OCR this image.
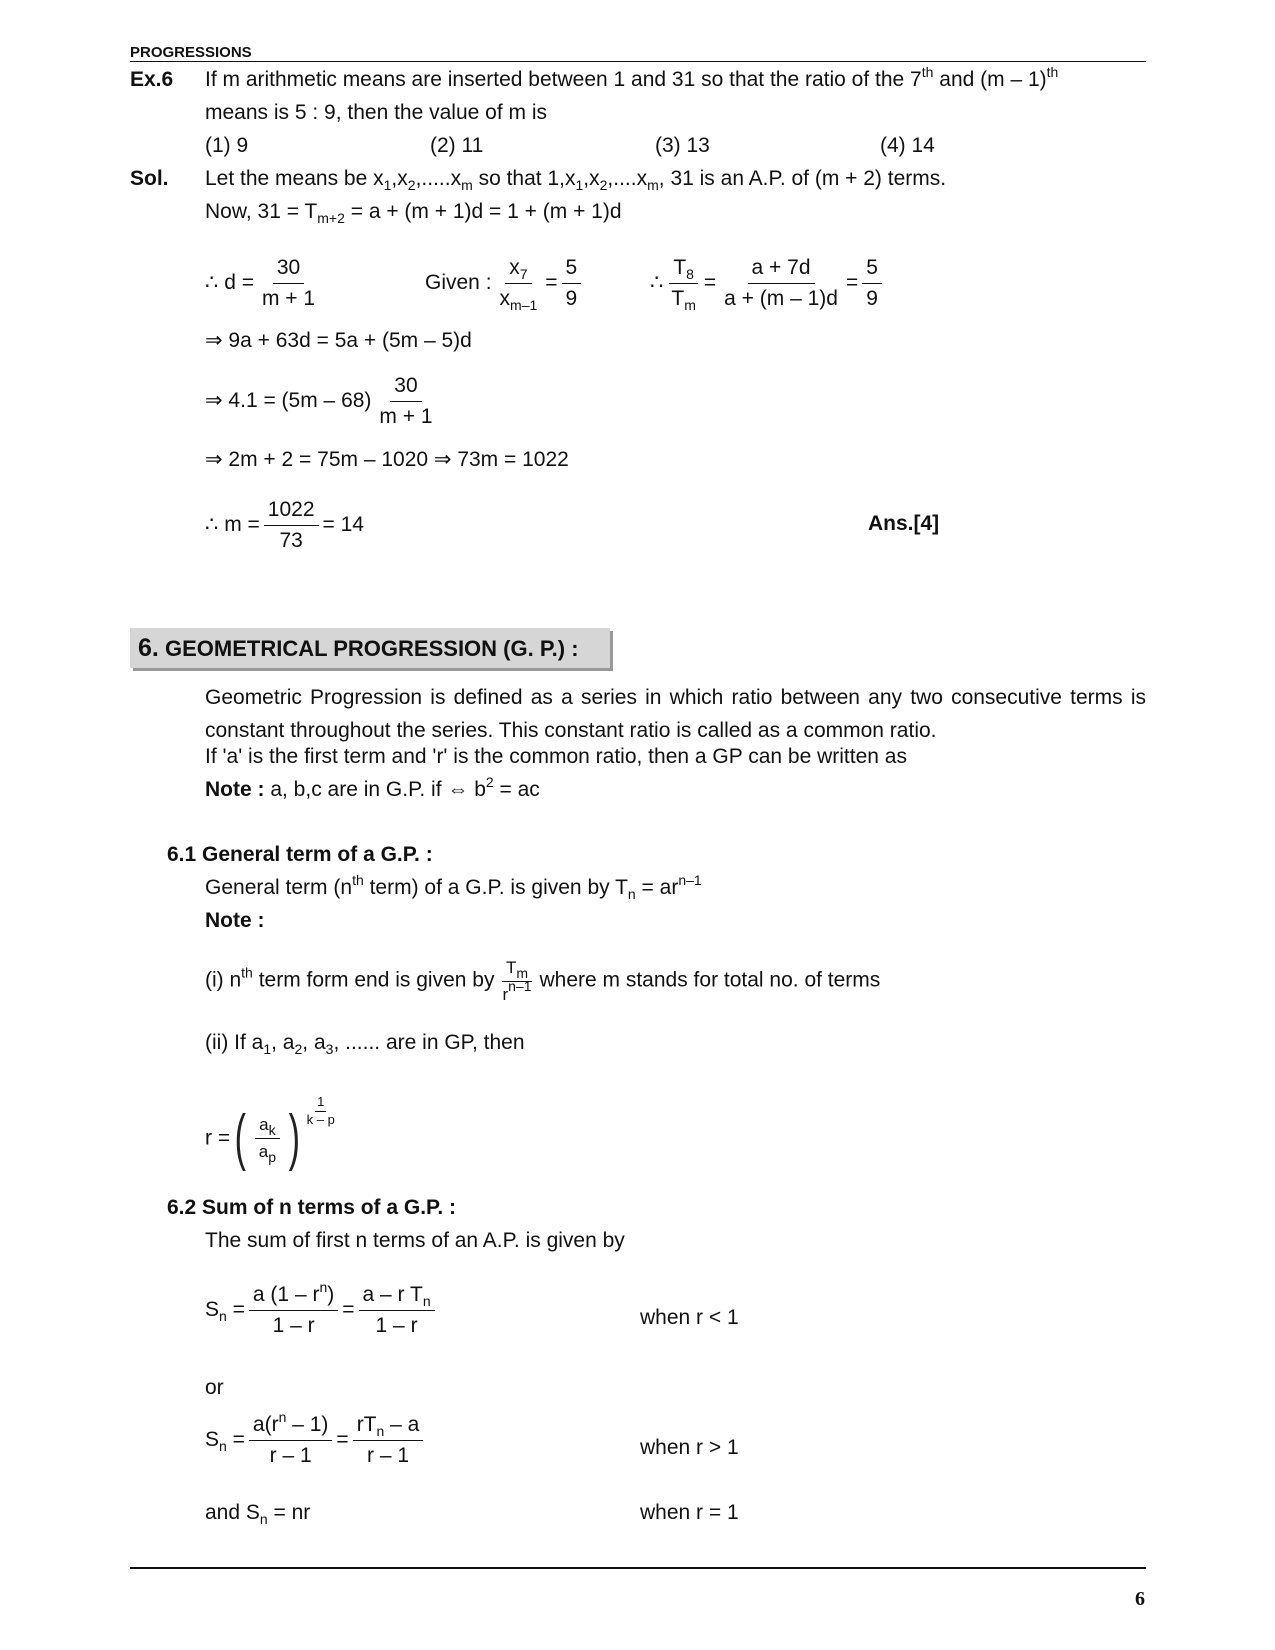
PROGRESSIONS
Ex.6 If m arithmetic means are inserted between 1 and 31 so that the ratio of the 7th and (m – 1)$^{th}$
means is 5 : 9, then the value of m is
(1) 9	(2) 11	(3) 13	(4) 14
Sol. Let the means be $x_1,x_2,.....x_m$ so that $1,x_1,x_2,....x_m$, 31 is an A.P. of (m + 2) terms.
Now, $31 = T_{m+2} = a + (m + 1)d = 1 + (m + 1)d$
∴ $d = \frac{30}{m + 1}$	Given : $\frac{x_7}{x_{m-1}} = \frac{5}{9}$	∴ $\frac{T_8}{T_m} = \frac{a + 7d}{a + (m - 1)d} = \frac{5}{9}$
⇒ 9a + 63d = 5a + (5m – 5)d
⇒ $4.1 = (5m - 68) \frac{30}{m + 1}$
⇒ 2m + 2 = 75m – 1020 ⇒ 73m = 1022
∴ $m = \frac{1022}{73} = 14$	Ans.[4]
6. GEOMETRICAL PROGRESSION (G. P.) :
Geometric Progression is defined as a series in which ratio between any two consecutive terms is constant throughout the series. This constant ratio is called as a common ratio.
If 'a' is the first term and 'r' is the common ratio, then a GP can be written as
Note : a, b,c are in G.P. if ⇔ $b^2$ = ac
6.1 General term of a G.P. :
General term ($n^{th}$ term) of a G.P. is given by $T_n = ar^{n-1}$
Note :
(i) $n^{th}$ term form end is given by $\frac{T_m}{r^{n-1}}$ where m stands for total no. of terms
(ii) If $a_1$, $a_2$, $a_3$, ...... are in GP, then
r = ( $\frac{a_k}{a_p}$ ) $\frac{1}{k - p}$
6.2 Sum of n terms of a G.P. :
The sum of first n terms of an A.P. is given by
$S_n = \frac{a (1 - r^n)}{1 - r} = \frac{a - r T_n}{1 - r}$	when r < 1
or
$S_n = \frac{a(r^n - 1)}{r - 1} = \frac{rT_n - a}{r - 1}$	when r > 1
and $S_n$ = nr	when r = 1
6
